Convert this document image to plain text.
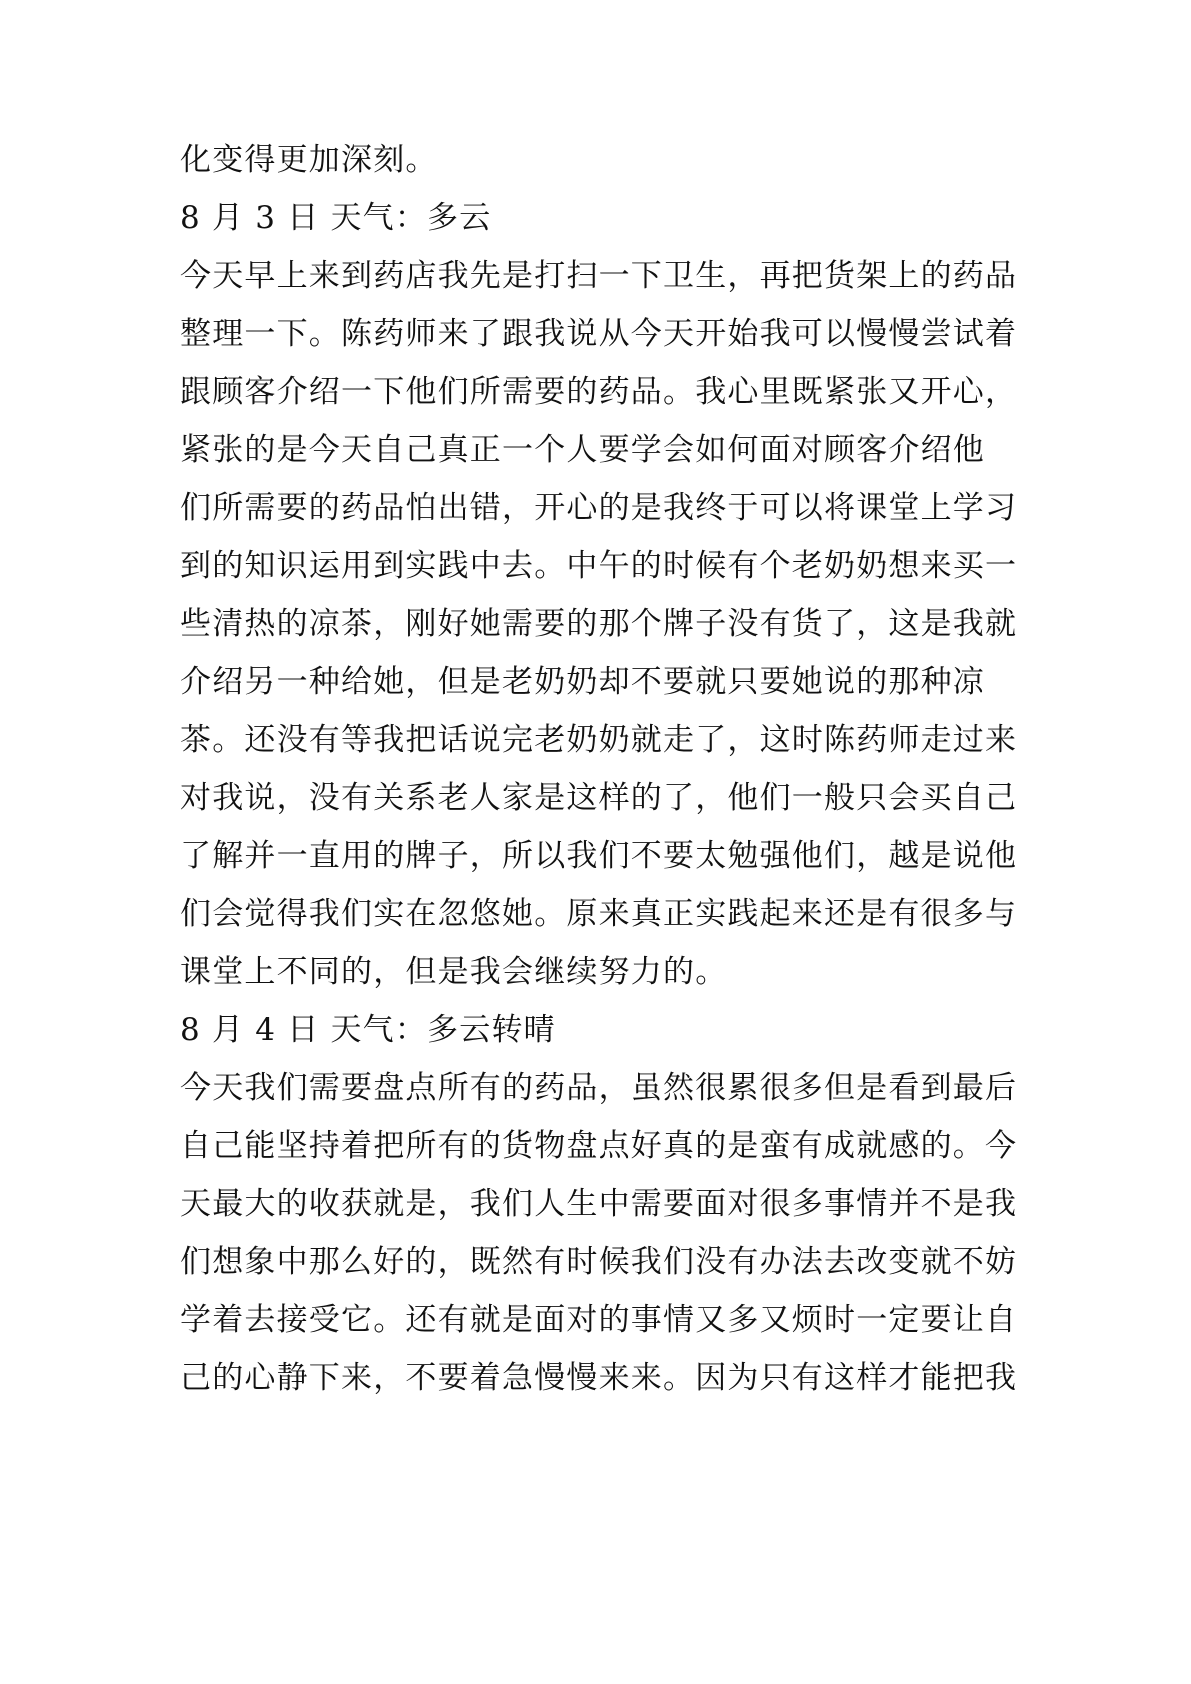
化变得更加深刻。
8 月 3 日 天气：多云
今天早上来到药店我先是打扫一下卫生，再把货架上的药品
整理一下。陈药师来了跟我说从今天开始我可以慢慢尝试着
跟顾客介绍一下他们所需要的药品。我心里既紧张又开心，
紧张的是今天自己真正一个人要学会如何面对顾客介绍他
们所需要的药品怕出错，开心的是我终于可以将课堂上学习
到的知识运用到实践中去。中午的时候有个老奶奶想来买一
些清热的凉茶，刚好她需要的那个牌子没有货了，这是我就
介绍另一种给她，但是老奶奶却不要就只要她说的那种凉
茶。还没有等我把话说完老奶奶就走了，这时陈药师走过来
对我说，没有关系老人家是这样的了，他们一般只会买自己
了解并一直用的牌子，所以我们不要太勉强他们，越是说他
们会觉得我们实在忽悠她。原来真正实践起来还是有很多与
课堂上不同的，但是我会继续努力的。
8 月 4 日 天气：多云转晴
今天我们需要盘点所有的药品，虽然很累很多但是看到最后
自己能坚持着把所有的货物盘点好真的是蛮有成就感的。今
天最大的收获就是，我们人生中需要面对很多事情并不是我
们想象中那么好的，既然有时候我们没有办法去改变就不妨
学着去接受它。还有就是面对的事情又多又烦时一定要让自
己的心静下来，不要着急慢慢来来。因为只有这样才能把我
